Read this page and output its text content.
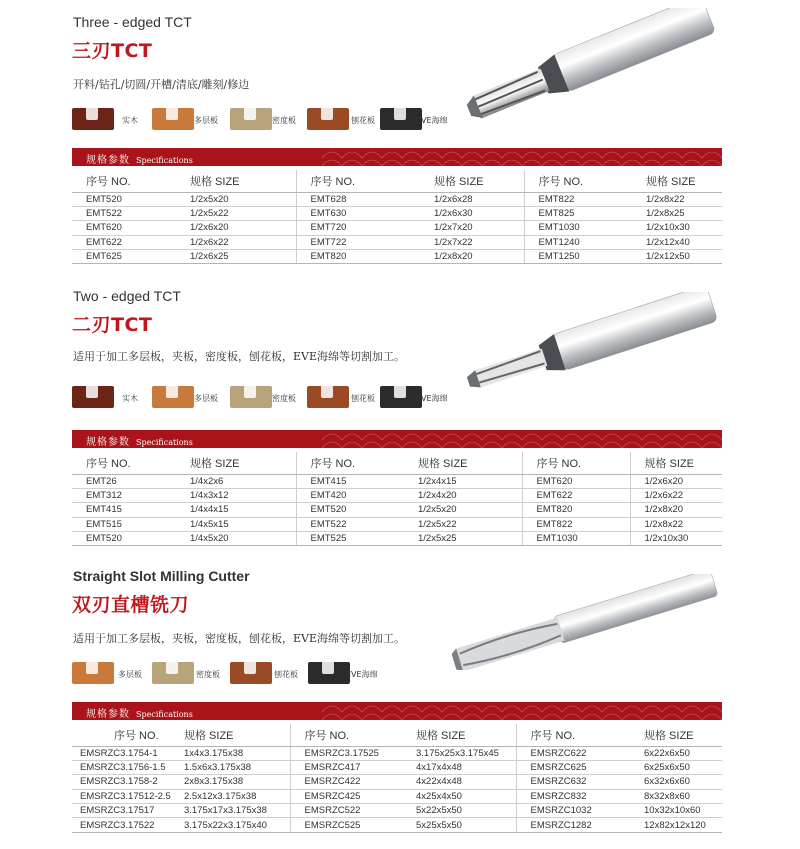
Three - edged TCT
三刃TCT
开料/钻孔/切圆/开槽/清底/雕刻/修边
实木	多层板	密度板	刨花板	EVE海绵
规格参数 Specifications
序号 NO.	规格 SIZE	序号 NO.	规格 SIZE	序号 NO.	规格 SIZE
EMT520	1/2x5x20	EMT628	1/2x6x28	EMT822	1/2x8x22
EMT522	1/2x5x22	EMT630	1/2x6x30	EMT825	1/2x8x25
EMT620	1/2x6x20	EMT720	1/2x7x20	EMT1030	1/2x10x30
EMT622	1/2x6x22	EMT722	1/2x7x22	EMT1240	1/2x12x40
EMT625	1/2x6x25	EMT820	1/2x8x20	EMT1250	1/2x12x50
Two - edged TCT
二刃TCT
适用于加工多层板，夹板，密度板，刨花板，EVE海绵等切割加工。
实木	多层板	密度板	刨花板	EVE海绵
规格参数 Specifications
序号 NO.	规格 SIZE	序号 NO.	规格 SIZE	序号 NO.	规格 SIZE
EMT26	1/4x2x6	EMT415	1/2x4x15	EMT620	1/2x6x20
EMT312	1/4x3x12	EMT420	1/2x4x20	EMT622	1/2x6x22
EMT415	1/4x4x15	EMT520	1/2x5x20	EMT820	1/2x8x20
EMT515	1/4x5x15	EMT522	1/2x5x22	EMT822	1/2x8x22
EMT520	1/4x5x20	EMT525	1/2x5x25	EMT1030	1/2x10x30
Straight Slot Milling Cutter
双刃直槽铣刀
适用于加工多层板，夹板，密度板，刨花板，EVE海绵等切割加工。
多层板	密度板	刨花板	EVE海绵
规格参数 Specifications
序号 NO.	规格 SIZE	序号 NO.	规格 SIZE	序号 NO.	规格 SIZE
EMSRZC3.1754-1	1x4x3.175x38	EMSRZC3.17525	3.175x25x3.175x45	EMSRZC622	6x22x6x50
EMSRZC3.1756-1.5	1.5x6x3.175x38	EMSRZC417	4x17x4x48	EMSRZC625	6x25x6x50
EMSRZC3.1758-2	2x8x3.175x38	EMSRZC422	4x22x4x48	EMSRZC632	6x32x6x60
EMSRZC3.17512-2.5	2.5x12x3.175x38	EMSRZC425	4x25x4x50	EMSRZC832	8x32x8x60
EMSRZC3.17517	3.175x17x3.175x38	EMSRZC522	5x22x5x50	EMSRZC1032	10x32x10x60
EMSRZC3.17522	3.175x22x3.175x40	EMSRZC525	5x25x5x50	EMSRZC1282	12x82x12x120
